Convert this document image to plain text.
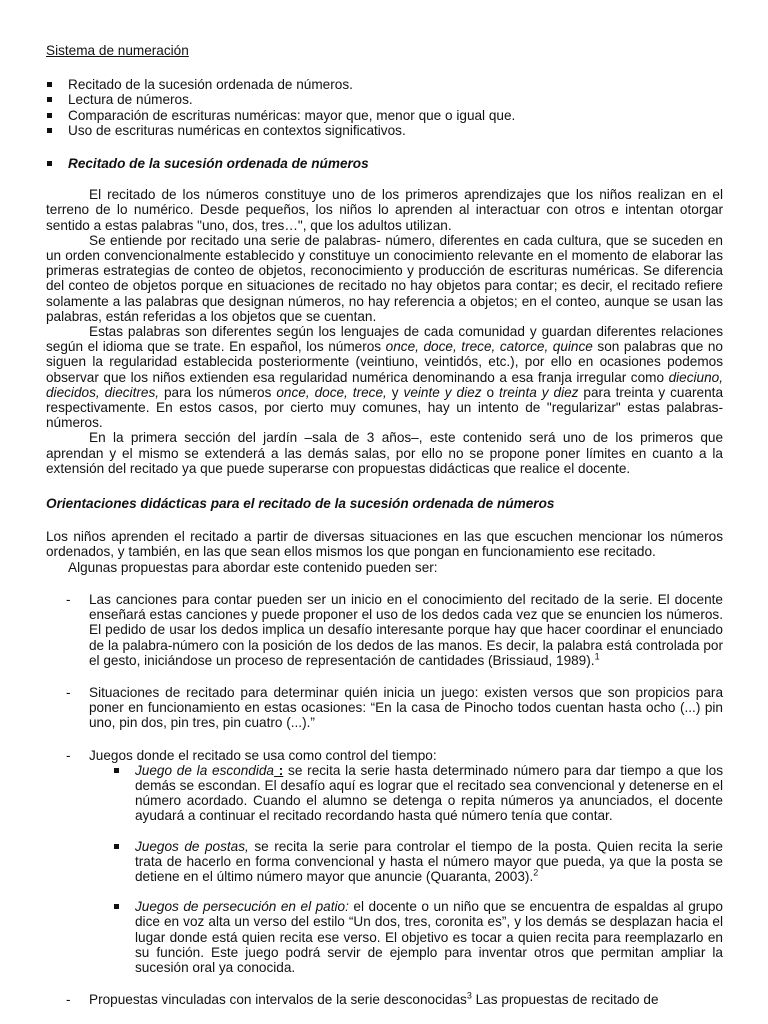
Sistema de numeración
Recitado de la sucesión ordenada de números.
Lectura de números.
Comparación de escrituras numéricas: mayor que, menor que o igual que.
Uso de escrituras numéricas en contextos significativos.
Recitado de la sucesión ordenada de números

El recitado de los números constituye uno de los primeros aprendizajes que los niños realizan en el terreno de lo numérico. Desde pequeños, los niños lo aprenden al interactuar con otros e intentan otorgar sentido a estas palabras "uno, dos, tres…", que los adultos utilizan.

Se entiende por recitado una serie de palabras- número, diferentes en cada cultura, que se suceden en un orden convencionalmente establecido y constituye un conocimiento relevante en el momento de elaborar las primeras estrategias de conteo de objetos, reconocimiento y producción de escrituras numéricas. Se diferencia del conteo de objetos porque en situaciones de recitado no hay objetos para contar; es decir, el recitado refiere solamente a las palabras que designan números, no hay referencia a objetos; en el conteo, aunque se usan las palabras, están referidas a los objetos que se cuentan.

Estas palabras son diferentes según los lenguajes de cada comunidad y guardan diferentes relaciones según el idioma que se trate. En español, los números once, doce, trece, catorce, quince son palabras que no siguen la regularidad establecida posteriormente (veintiuno, veintidós, etc.), por ello en ocasiones podemos observar que los niños extienden esa regularidad numérica denominando a esa franja irregular como dieciuno, diecidos, diecitres, para los números once, doce, trece, y veinte y diez o treinta y diez para treinta y cuarenta respectivamente. En estos casos, por cierto muy comunes, hay un intento de "regularizar" estas palabras-números.

En la primera sección del jardín –sala de 3 años–, este contenido será uno de los primeros que aprendan y el mismo se extenderá a las demás salas, por ello no se propone poner límites en cuanto a la extensión del recitado ya que puede superarse con propuestas didácticas que realice el docente.

Orientaciones didácticas para el recitado de la sucesión ordenada de números

Los niños aprenden el recitado a partir de diversas situaciones en las que escuchen mencionar los números ordenados, y también, en las que sean ellos mismos los que pongan en funcionamiento ese recitado.

Algunas propuestas para abordar este contenido pueden ser:

- Las canciones para contar pueden ser un inicio en el conocimiento del recitado de la serie. El docente enseñará estas canciones y puede proponer el uso de los dedos cada vez que se enuncien los números. El pedido de usar los dedos implica un desafío interesante porque hay que hacer coordinar el enunciado de la palabra-número con la posición de los dedos de las manos. Es decir, la palabra está controlada por el gesto, iniciándose un proceso de representación de cantidades (Brissiaud, 1989).$^1$
- Situaciones de recitado para determinar quién inicia un juego: existen versos que son propicios para poner en funcionamiento en estas ocasiones: “En la casa de Pinocho todos cuentan hasta ocho (...) pin uno, pin dos, pin tres, pin cuatro (...).”
- Juegos donde el recitado se usa como control del tiempo:
Juego de la escondida : se recita la serie hasta determinado número para dar tiempo a que los demás se escondan. El desafío aquí es lograr que el recitado sea convencional y detenerse en el número acordado. Cuando el alumno se detenga o repita números ya anunciados, el docente ayudará a continuar el recitado recordando hasta qué número tenía que contar.
Juegos de postas, se recita la serie para controlar el tiempo de la posta. Quien recita la serie trata de hacerlo en forma convencional y hasta el número mayor que pueda, ya que la posta se detiene en el último número mayor que anuncie (Quaranta, 2003).$^2$
Juegos de persecución en el patio: el docente o un niño que se encuentra de espaldas al grupo dice en voz alta un verso del estilo “Un dos, tres, coronita es”, y los demás se desplazan hacia el lugar donde está quien recita ese verso. El objetivo es tocar a quien recita para reemplazarlo en su función. Este juego podrá servir de ejemplo para inventar otros que permitan ampliar la sucesión oral ya conocida.
- Propuestas vinculadas con intervalos de la serie desconocidas$^3$ Las propuestas de recitado de
